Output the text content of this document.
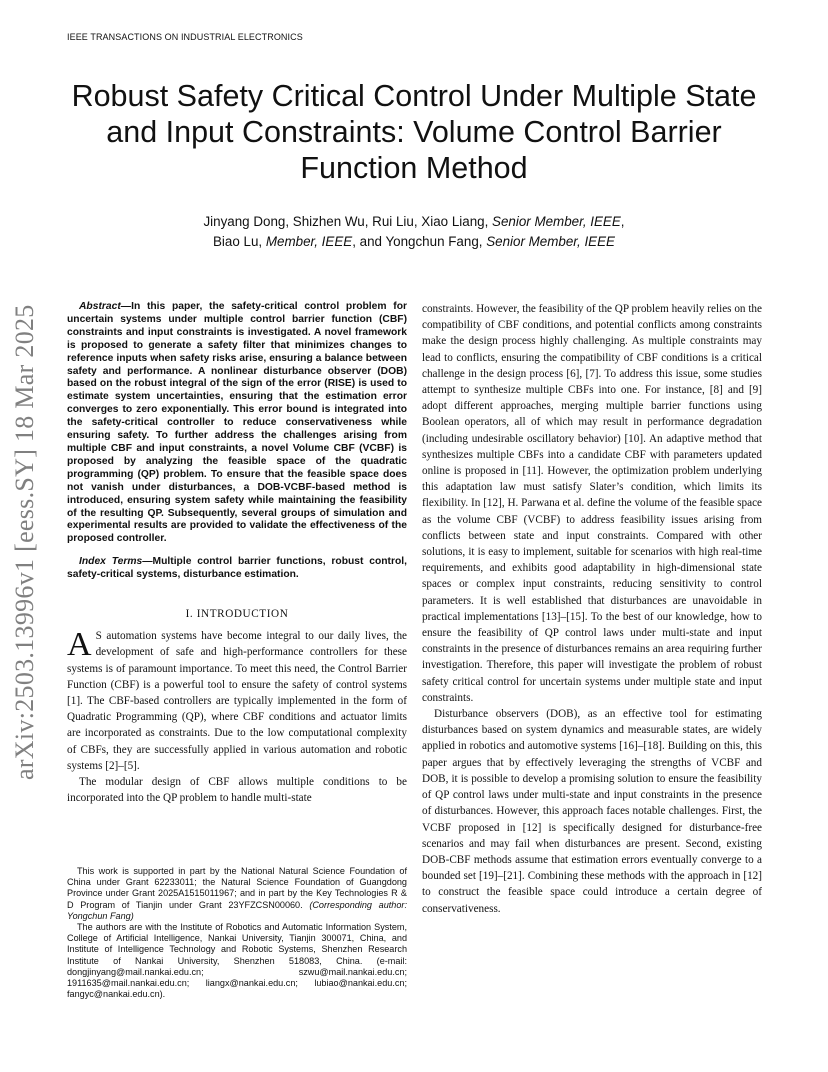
IEEE TRANSACTIONS ON INDUSTRIAL ELECTRONICS
arXiv:2503.13996v1 [eess.SY] 18 Mar 2025
Robust Safety Critical Control Under Multiple State and Input Constraints: Volume Control Barrier Function Method
Jinyang Dong, Shizhen Wu, Rui Liu, Xiao Liang, Senior Member, IEEE,
Biao Lu, Member, IEEE, and Yongchun Fang, Senior Member, IEEE

Abstract—In this paper, the safety-critical control problem for uncertain systems under multiple control barrier function (CBF) constraints and input constraints is investigated. A novel framework is proposed to generate a safety filter that minimizes changes to reference inputs when safety risks arise, ensuring a balance between safety and performance. A nonlinear disturbance observer (DOB) based on the robust integral of the sign of the error (RISE) is used to estimate system uncertainties, ensuring that the estimation error converges to zero exponentially. This error bound is integrated into the safety-critical controller to reduce conservativeness while ensuring safety. To further address the challenges arising from multiple CBF and input constraints, a novel Volume CBF (VCBF) is proposed by analyzing the feasible space of the quadratic programming (QP) problem. To ensure that the feasible space does not vanish under disturbances, a DOB-VCBF-based method is introduced, ensuring system safety while maintaining the feasibility of the resulting QP. Subsequently, several groups of simulation and experimental results are provided to validate the effectiveness of the proposed controller.

Index Terms—Multiple control barrier functions, robust control, safety-critical systems, disturbance estimation.

I. INTRODUCTION

A S automation systems have become integral to our daily lives, the development of safe and high-performance controllers for these systems is of paramount importance. To meet this need, the Control Barrier Function (CBF) is a powerful tool to ensure the safety of control systems [1]. The CBF-based controllers are typically implemented in the form of Quadratic Programming (QP), where CBF conditions and actuator limits are incorporated as constraints. Due to the low computational complexity of CBFs, they are successfully applied in various automation and robotic systems [2]–[5].

The modular design of CBF allows multiple conditions to be incorporated into the QP problem to handle multi-state

This work is supported in part by the National Natural Science Foundation of China under Grant 62233011; the Natural Science Foundation of Guangdong Province under Grant 2025A1515011967; and in part by the Key Technologies R & D Program of Tianjin under Grant 23YFZCSN00060. (Corresponding author: Yongchun Fang)

The authors are with the Institute of Robotics and Automatic Information System, College of Artificial Intelligence, Nankai University, Tianjin 300071, China, and Institute of Intelligence Technology and Robotic Systems, Shenzhen Research Institute of Nankai University, Shenzhen 518083, China. (e-mail: dongjinyang@mail.nankai.edu.cn; szwu@mail.nankai.edu.cn; 1911635@mail.nankai.edu.cn; liangx@nankai.edu.cn; lubiao@nankai.edu.cn; fangyc@nankai.edu.cn).

constraints. However, the feasibility of the QP problem heavily relies on the compatibility of CBF conditions, and potential conflicts among constraints make the design process highly challenging. As multiple constraints may lead to conflicts, ensuring the compatibility of CBF conditions is a critical challenge in the design process [6], [7]. To address this issue, some studies attempt to synthesize multiple CBFs into one. For instance, [8] and [9] adopt different approaches, merging multiple barrier functions using Boolean operators, all of which may result in performance degradation (including undesirable oscillatory behavior) [10]. An adaptive method that synthesizes multiple CBFs into a candidate CBF with parameters updated online is proposed in [11]. However, the optimization problem underlying this adaptation law must satisfy Slater’s condition, which limits its flexibility. In [12], H. Parwana et al. define the volume of the feasible space as the volume CBF (VCBF) to address feasibility issues arising from conflicts between state and input constraints. Compared with other solutions, it is easy to implement, suitable for scenarios with high real-time requirements, and exhibits good adaptability in high-dimensional state spaces or complex input constraints, reducing sensitivity to control parameters. It is well established that disturbances are unavoidable in practical implementations [13]–[15]. To the best of our knowledge, how to ensure the feasibility of QP control laws under multi-state and input constraints in the presence of disturbances remains an area requiring further investigation. Therefore, this paper will investigate the problem of robust safety critical control for uncertain systems under multiple state and input constraints.

Disturbance observers (DOB), as an effective tool for estimating disturbances based on system dynamics and measurable states, are widely applied in robotics and automotive systems [16]–[18]. Building on this, this paper argues that by effectively leveraging the strengths of VCBF and DOB, it is possible to develop a promising solution to ensure the feasibility of QP control laws under multi-state and input constraints in the presence of disturbances. However, this approach faces notable challenges. First, the VCBF proposed in [12] is specifically designed for disturbance-free scenarios and may fail when disturbances are present. Second, existing DOB-CBF methods assume that estimation errors eventually converge to a bounded set [19]–[21]. Combining these methods with the approach in [12] to construct the feasible space could introduce a certain degree of conservativeness.
